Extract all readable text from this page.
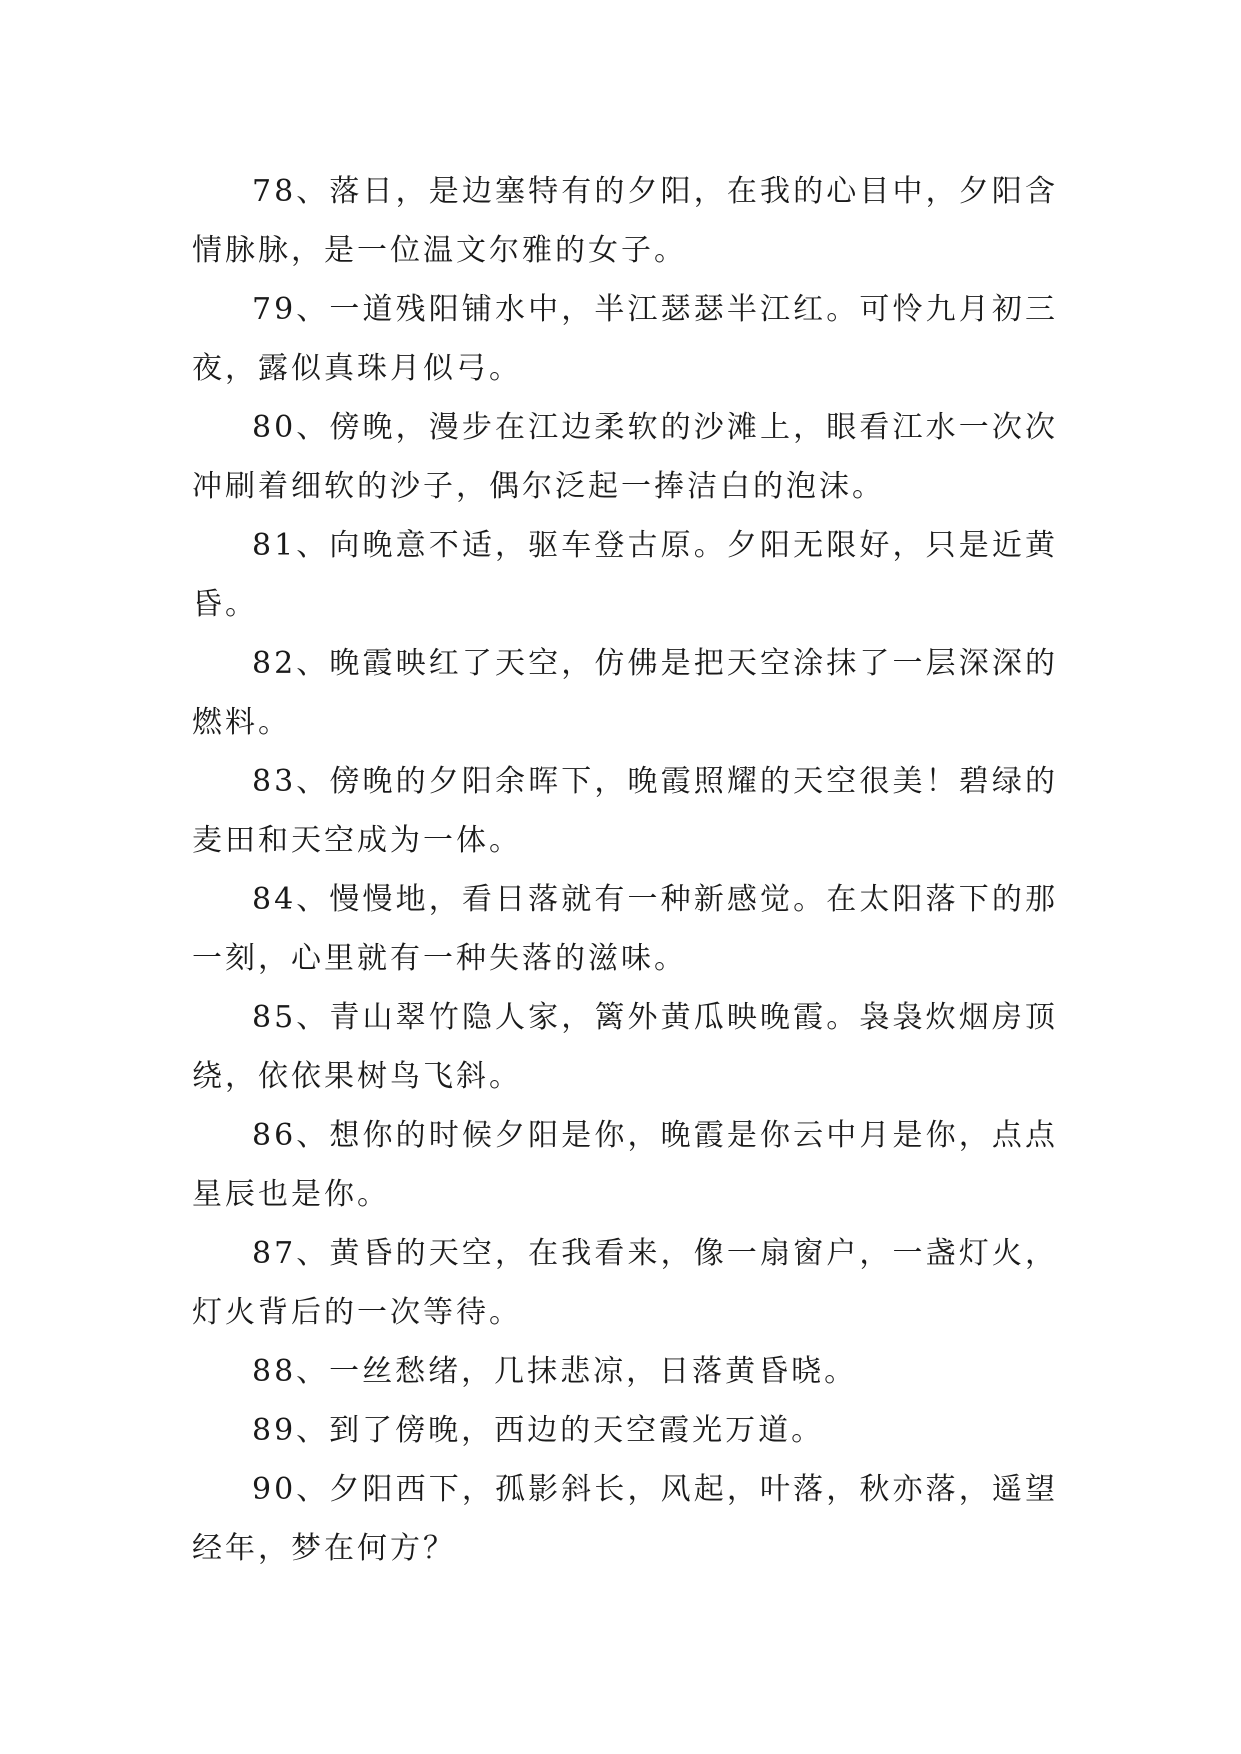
78、落日，是边塞特有的夕阳，在我的心目中，夕阳含情脉脉，是一位温文尔雅的女子。

79、一道残阳铺水中，半江瑟瑟半江红。可怜九月初三夜，露似真珠月似弓。

80、傍晚，漫步在江边柔软的沙滩上，眼看江水一次次冲刷着细软的沙子，偶尔泛起一捧洁白的泡沫。

81、向晚意不适，驱车登古原。夕阳无限好，只是近黄昏。

82、晚霞映红了天空，仿佛是把天空涂抹了一层深深的燃料。

83、傍晚的夕阳余晖下，晚霞照耀的天空很美！碧绿的麦田和天空成为一体。

84、慢慢地，看日落就有一种新感觉。在太阳落下的那一刻，心里就有一种失落的滋味。

85、青山翠竹隐人家，篱外黄瓜映晚霞。袅袅炊烟房顶绕，依依果树鸟飞斜。

86、想你的时候夕阳是你，晚霞是你云中月是你，点点星辰也是你。

87、黄昏的天空，在我看来，像一扇窗户，一盏灯火，灯火背后的一次等待。

88、一丝愁绪，几抹悲凉，日落黄昏晓。

89、到了傍晚，西边的天空霞光万道。

90、夕阳西下，孤影斜长，风起，叶落，秋亦落，遥望经年，梦在何方？
